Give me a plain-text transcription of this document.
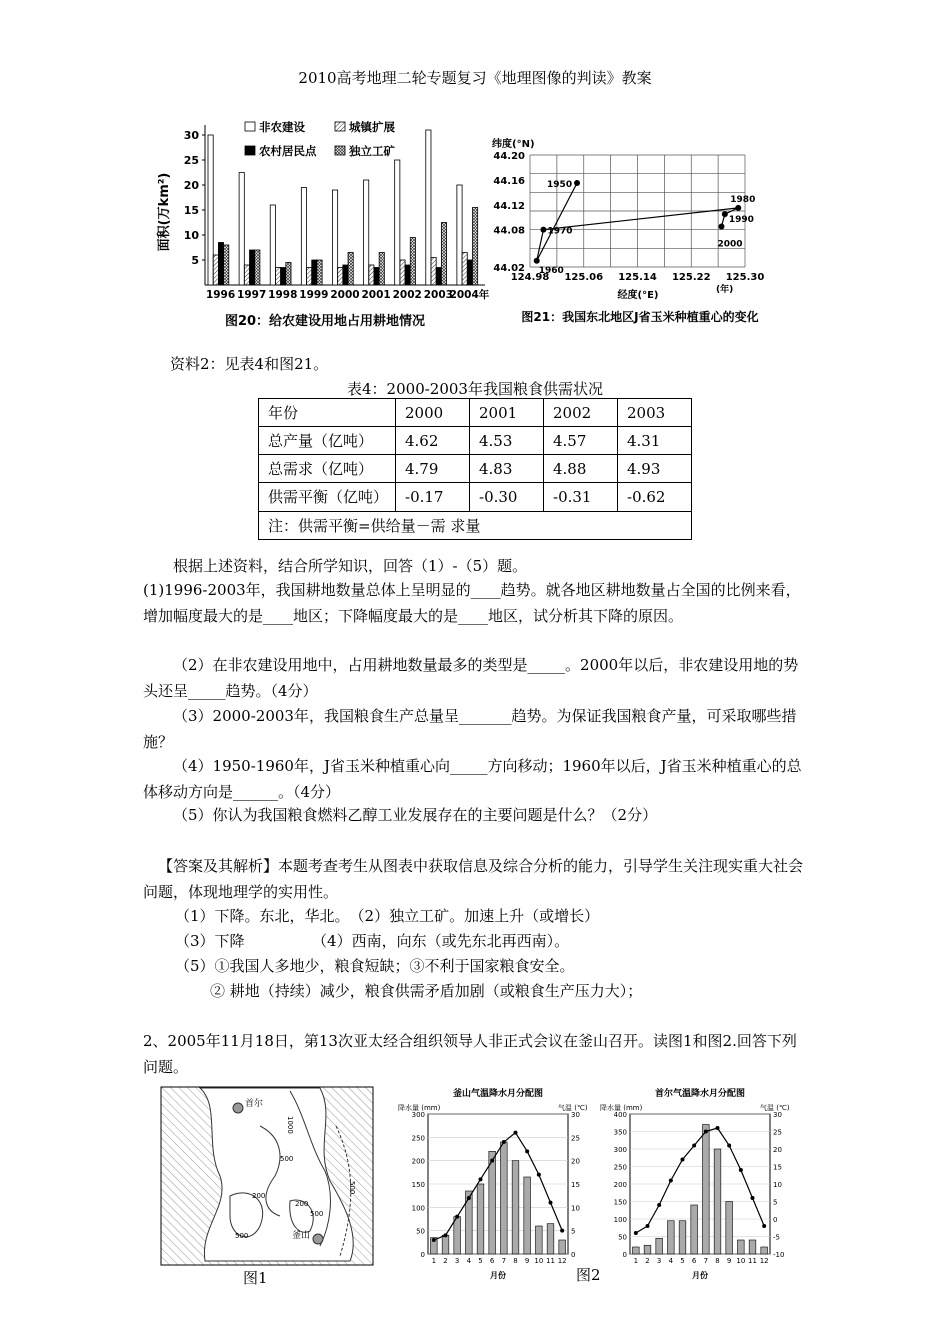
2010高考地理二轮专题复习《地理图像的判读》教案
5
10
15
20
25
30
面积(万km²)
1996 1997 1998 1999 2000 2001 2002 2003
2004年
非农建设	城镇扩展
农村居民点	独立工矿
图20：给农建设用地占用耕地情况
44.02
44.08
44.12
44.16
44.20
124.98 125.06 125.14 125.22 125.30
纬度(°N)
经度(°E)
1950
1960
1970
1980
1990
2000
(年)
图21：我国东北地区J省玉米种植重心的变化
资料2：见表4和图21。
表4：2000-2003年我国粮食供需状况
年份	2000	2001	2002	2003
总产量（亿吨）	4.62	4.53	4.57	4.31
总需求（亿吨）	4.79	4.83	4.88	4.93
供需平衡（亿吨）	-0.17	-0.30	-0.31	-0.62
注：供需平衡=供给量－需 求量				
根据上述资料，结合所学知识，回答（1）-（5）题。
(1)1996-2003年，我国耕地数量总体上呈明显的____趋势。就各地区耕地数量占全国的比例来看，增加幅度最大的是____地区；下降幅度最大的是____地区，试分析其下降的原因。
（2）在非农建设用地中，占用耕地数量最多的类型是_____。2000年以后，非农建设用地的势头还呈_____趋势。（4分）
（3）2000-2003年，我国粮食生产总量呈_______趋势。为保证我国粮食产量，可采取哪些措施？
（4）1950-1960年，J省玉米种植重心向_____方向移动；1960年以后，J省玉米种植重心的总体移动方向是______。（4分）
（5）你认为我国粮食燃料乙醇工业发展存在的主要问题是什么？（2分）
【答案及其解析】本题考查考生从图表中获取信息及综合分析的能力，引导学生关注现实重大社会问题，体现地理学的实用性。
（1）下降。东北，华北。　（2）独立工矿。加速上升（或增长）
（3）下降　　　　　（4）西南，向东（或先东北再西南）。
（5）①我国人多地少，粮食短缺；③不利于国家粮食安全。
② 耕地（持续）减少，粮食供需矛盾加剧（或粮食生产压力大）；
2、2005年11月18日，第13次亚太经合组织领导人非正式会议在釜山召开。读图1和图2.回答下列问题。
首尔
釜山
1000
500
200
500
200
500
500
图1
釜山气温降水月分配图
降水量 (mm)	气温 (℃)
0
50
100
150
200
250
300
0
5
10
15
20
25
30
1 2 3 4 5 6 7 8 9 10 11 12
月份
首尔气温降水月分配图
降水量 (mm)	气温 (℃)
0
50
100
150
200
250
300
350
400
-10
-5
0
5
10
15
20
25
30
1 2 3 4 5 6 7 8 9 10 11 12
月份
图2
